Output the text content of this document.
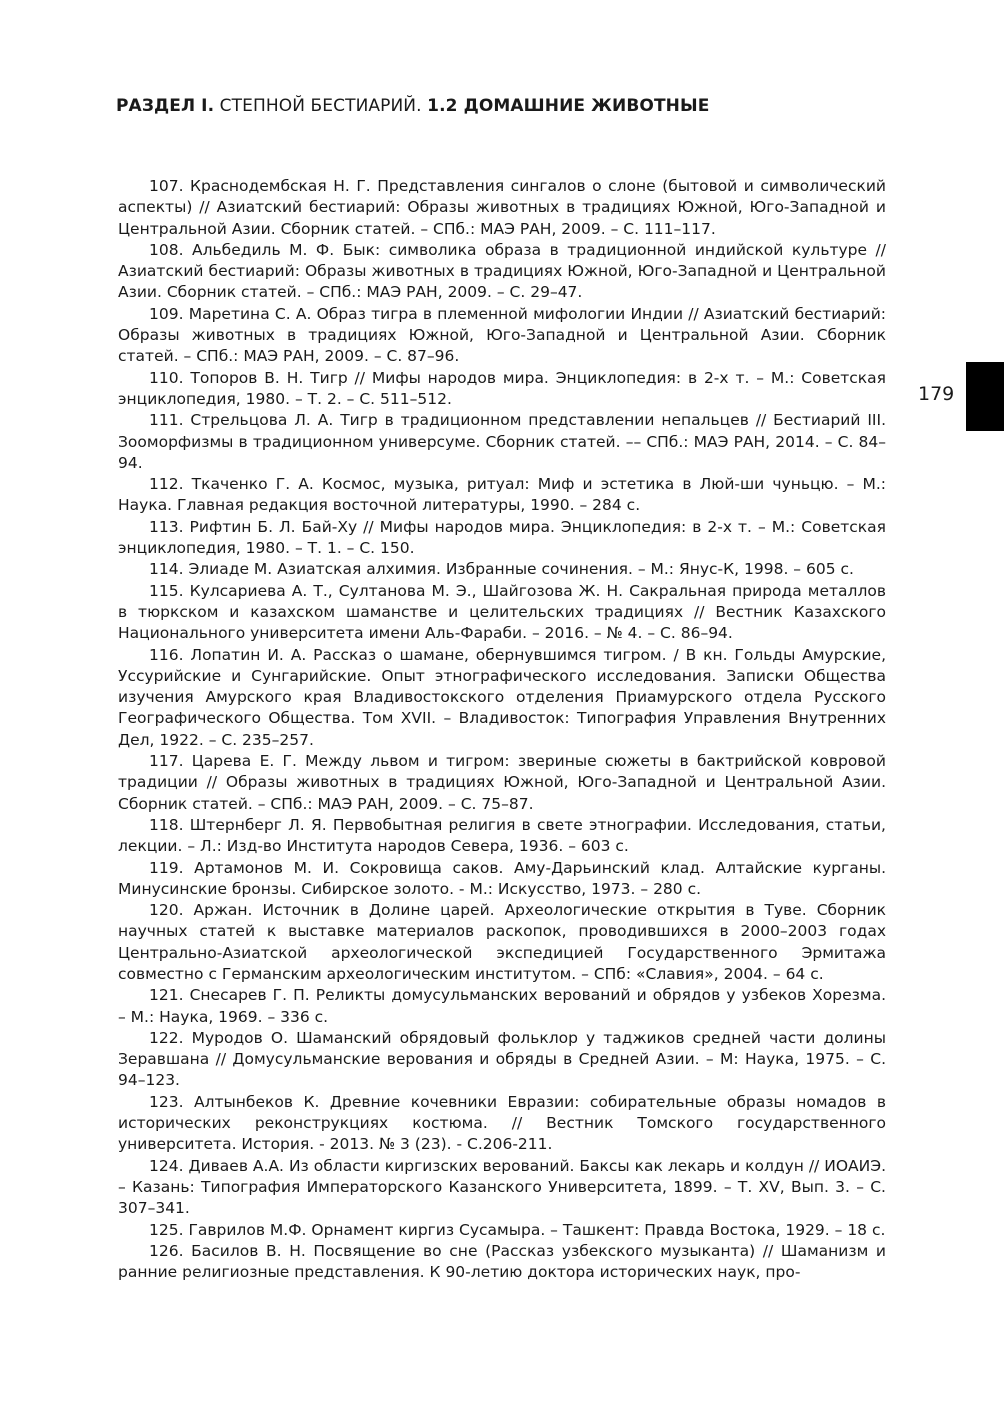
РАЗДЕЛ I. СТЕПНОЙ БЕСТИАРИЙ. 1.2 ДОМАШНИЕ ЖИВОТНЫЕ
179

107. Краснодембская Н. Г. Представления сингалов о слоне (бытовой и символический аспекты) // Азиатский бестиарий: Образы животных в традициях Южной, Юго-Западной и Центральной Азии. Сборник статей. – СПб.: МАЭ РАН, 2009. – С. 111–117.

108. Альбедиль М. Ф. Бык: символика образа в традиционной индийской культуре // Азиатский бестиарий: Образы животных в традициях Южной, Юго-Западной и Центральной Азии. Сборник статей. – СПб.: МАЭ РАН, 2009. – С. 29–47.

109. Маретина С. А. Образ тигра в племенной мифологии Индии // Азиатский бестиарий: Образы животных в традициях Южной, Юго-Западной и Центральной Азии. Сборник статей. – СПб.: МАЭ РАН, 2009. – С. 87–96.

110. Топоров В. Н. Тигр // Мифы народов мира. Энциклопедия: в 2-х т. – М.: Советская энциклопедия, 1980. – Т. 2. – С. 511–512.

111. Стрельцова Л. А. Тигр в традиционном представлении непальцев // Бестиарий III. Зооморфизмы в традиционном универсуме. Сборник статей. –– СПб.: МАЭ РАН, 2014. – С. 84–94.

112. Ткаченко Г. А. Космос, музыка, ритуал: Миф и эстетика в Люй-ши чуньцю. – М.: Наука. Главная редакция восточной литературы, 1990. – 284 с.

113. Рифтин Б. Л. Бай-Ху // Мифы народов мира. Энциклопедия: в 2-х т. – М.: Советская энциклопедия, 1980. – Т. 1. – С. 150.

114. Элиаде М. Азиатская алхимия. Избранные сочинения. – М.: Янус-К, 1998. – 605 с.

115. Кулсариева А. Т., Султанова М. Э., Шайгозова Ж. Н. Сакральная природа металлов в тюркском и казахском шаманстве и целительских традициях // Вестник Казахского Национального университета имени Аль-Фараби. – 2016. – № 4. – С. 86–94.

116. Лопатин И. А. Рассказ о шамане, обернувшимся тигром. / В кн. Гольды Амурские, Уссурийские и Сунгарийские. Опыт этнографического исследования. Записки Общества изучения Амурского края Владивостокского отделения Приамурского отдела Русского Географического Общества. Том XVII. – Владивосток: Типография Управления Внутренних Дел, 1922. – С. 235–257.

117. Царева Е. Г. Между львом и тигром: звериные сюжеты в бактрийской ковровой традиции // Образы животных в традициях Южной, Юго-Западной и Центральной Азии. Сборник статей. – СПб.: МАЭ РАН, 2009. – С. 75–87.

118. Штернберг Л. Я. Первобытная религия в свете этнографии. Исследования, статьи, лекции. – Л.: Изд-во Института народов Севера, 1936. – 603 с.

119. Артамонов М. И. Сокровища саков. Аму-Дарьинский клад. Алтайские курганы. Минусинские бронзы. Сибирское золото. - М.: Искусство, 1973. – 280 с.

120. Аржан. Источник в Долине царей. Археологические открытия в Туве. Сборник научных статей к выставке материалов раскопок, проводившихся в 2000–2003 годах Центрально-Азиатской археологической экспедицией Государственного Эрмитажа совместно с Германским археологическим институтом. – СПб: «Славия», 2004. – 64 с.

121. Снесарев Г. П. Реликты домусульманских верований и обрядов у узбеков Хорезма. – М.: Наука, 1969. – 336 с.

122. Муродов О. Шаманский обрядовый фольклор у таджиков средней части долины Зеравшана // Домусульманские верования и обряды в Средней Азии. – М: Наука, 1975. – С. 94–123.

123. Алтынбеков К. Древние кочевники Евразии: собирательные образы номадов в исторических реконструкциях костюма. // Вестник Томского государственного университета. История. - 2013. № 3 (23). - С.206-211.

124. Диваев А.А. Из области киргизских верований. Баксы как лекарь и колдун // ИОАИЭ. – Казань: Типография Императорского Казанского Университета, 1899. – Т. XV, Вып. 3. – С. 307–341.

125. Гаврилов М.Ф. Орнамент киргиз Сусамыра. – Ташкент: Правда Востока, 1929. – 18 с.

126. Басилов В. Н. Посвящение во сне (Рассказ узбекского музыканта) // Шаманизм и ранние религиозные представления. К 90-летию доктора исторических наук, про-
